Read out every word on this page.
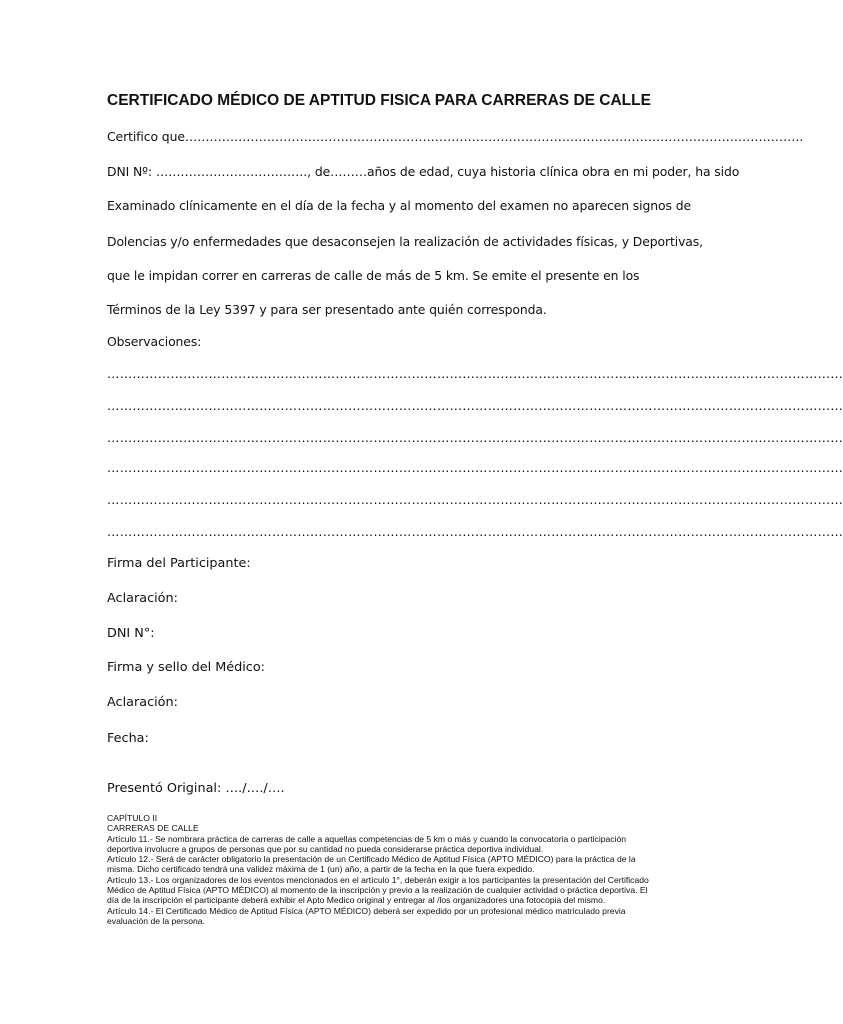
CERTIFICADO MÉDICO DE APTITUD FISICA PARA CARRERAS DE CALLE
Certifico que…………………………………………………………………………………………………………………………………….
DNI Nº: ………………………………., de………años de edad, cuya historia clínica obra en mi poder, ha sido
Examinado clínicamente en el día de la fecha y al momento del examen no aparecen signos de
Dolencias y/o enfermedades que desaconsejen la realización de actividades físicas, y Deportivas,
que le impidan correr en carreras de calle de más de 5 km. Se emite el presente en los
Términos de la Ley 5397 y para ser presentado ante quién corresponda.
Observaciones:
…………………………………………………………………………………………………………………………………………………………
…………………………………………………………………………………………………………………………………………………………
…………………………………………………………………………………………………………………………………………………………
…………………………………………………………………………………………………………………………………………………………
…………………………………………………………………………………………………………………………………………………………
…………………………………………………………………………………………………………………………………………………………
Firma del Participante:
Aclaración:
DNI N°:
Firma y sello del Médico:
Aclaración:
Fecha:
Presentó Original: …./…./….
CAPÍTULO II
CARRERAS DE CALLE
Artículo 11.- Se nombrara práctica de carreras de calle a aquellas competencias de 5 km o más y cuando la convocatoria o participación
deportiva involucre a grupos de personas que por su cantidad no pueda considerarse práctica deportiva individual.
Artículo 12.- Será de carácter obligatorio la presentación de un Certificado Médico de Aptitud Física (APTO MÉDICO) para la práctica de la
misma. Dicho certificado tendrá una validez máxima de 1 (un) año, a partir de la fecha en la que fuera expedido.
Artículo 13.- Los organizadores de los eventos mencionados en el artículo 1°, deberán exigir a los participantes la presentación del Certificado
Médico de Aptitud Física (APTO MÉDICO) al momento de la inscripción y previo a la realización de cualquier actividad o práctica deportiva. El
día de la inscripción el participante deberá exhibir el Apto Medico original y entregar al /los organizadores una fotocopia del mismo.
Artículo 14.- El Certificado Médico de Aptitud Física (APTO MÉDICO) deberá ser expedido por un profesional médico matriculado previa
evaluación de la persona.
